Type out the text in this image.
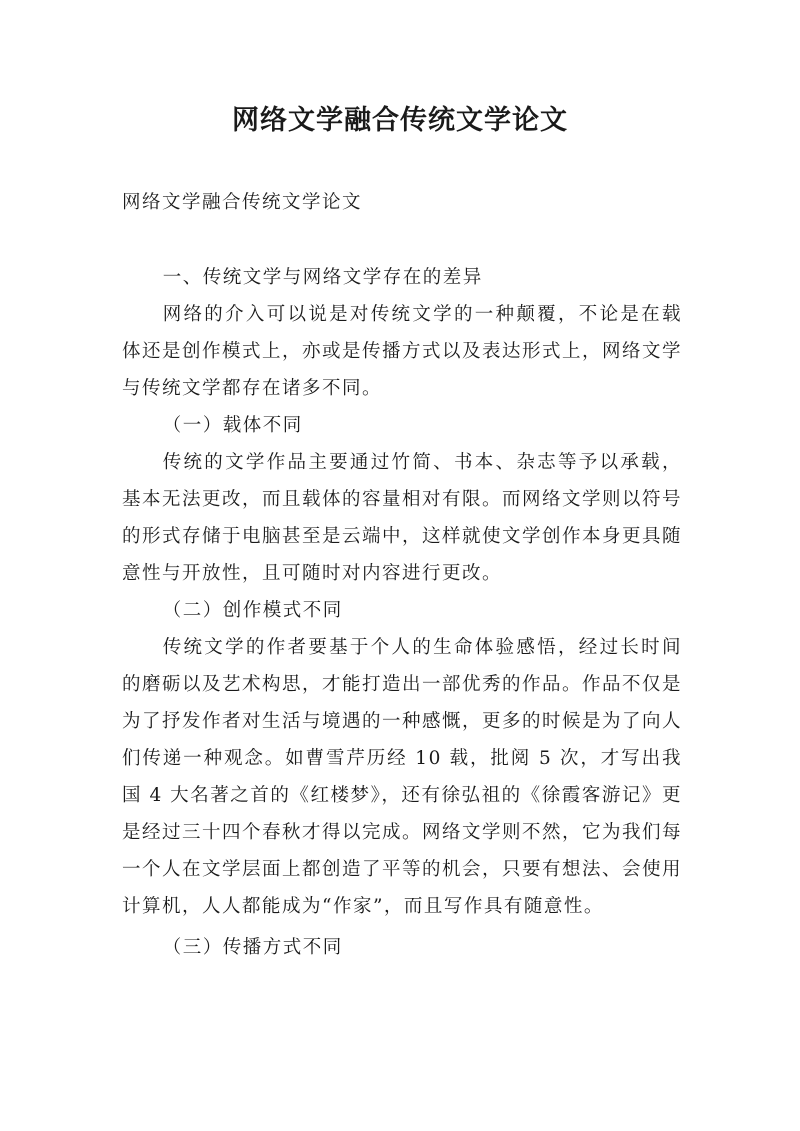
网络文学融合传统文学论文
网络文学融合传统文学论文

一、传统文学与网络文学存在的差异

网络的介入可以说是对传统文学的一种颠覆，不论是在载体还是创作模式上，亦或是传播方式以及表达形式上，网络文学与传统文学都存在诸多不同。

（一）载体不同

传统的文学作品主要通过竹简、书本、杂志等予以承载，基本无法更改，而且载体的容量相对有限。而网络文学则以符号的形式存储于电脑甚至是云端中，这样就使文学创作本身更具随意性与开放性，且可随时对内容进行更改。

（二）创作模式不同

传统文学的作者要基于个人的生命体验感悟，经过长时间的磨砺以及艺术构思，才能打造出一部优秀的作品。作品不仅是为了抒发作者对生活与境遇的一种感慨，更多的时候是为了向人们传递一种观念。如曹雪芹历经 10 载，批阅 5 次，才写出我国 4 大名著之首的《红楼梦》，还有徐弘祖的《徐霞客游记》更是经过三十四个春秋才得以完成。网络文学则不然，它为我们每一个人在文学层面上都创造了平等的机会，只要有想法、会使用计算机，人人都能成为“作家”，而且写作具有随意性。

（三）传播方式不同
